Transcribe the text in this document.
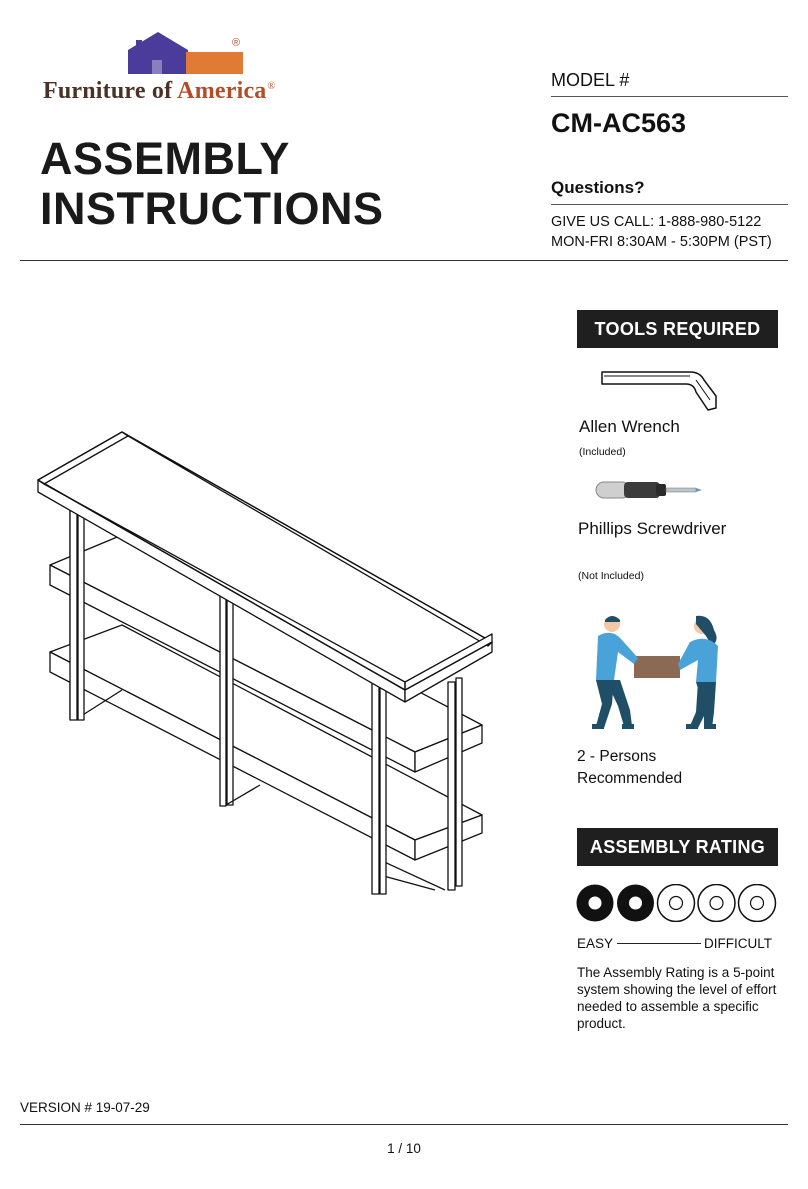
®
Furniture of America®
ASSEMBLY
INSTRUCTIONS
MODEL #
CM-AC563
Questions?
GIVE US CALL: 1-888-980-5122
MON-FRI 8:30AM - 5:30PM (PST)
TOOLS REQUIRED
Allen Wrench
(Included)
Phillips Screwdriver
(Not Included)
2 - Persons
Recommended
ASSEMBLY RATING
EASY	DIFFICULT
The Assembly Rating is a 5-point system showing the level of effort needed to assemble a specific product.
VERSION # 19-07-29
1 / 10
